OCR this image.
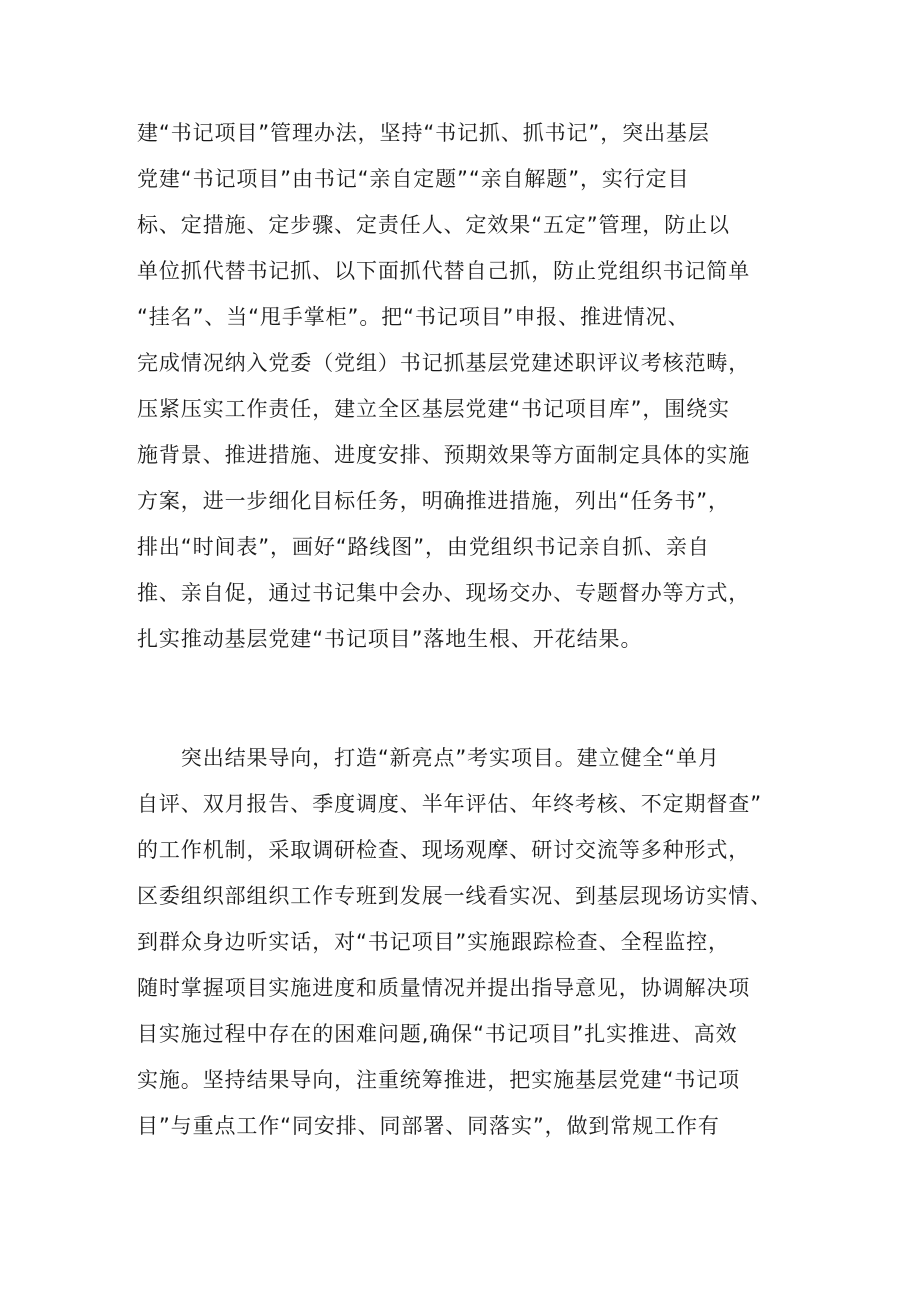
建“书记项目”管理办法，坚持“书记抓、抓书记”，突出基层
党建“书记项目”由书记“亲自定题”“亲自解题”，实行定目
标、定措施、定步骤、定责任人、定效果“五定”管理，防止以
单位抓代替书记抓、以下面抓代替自己抓，防止党组织书记简单
“挂名”、当“甩手掌柜”。把“书记项目”申报、推进情况、
完成情况纳入党委（党组）书记抓基层党建述职评议考核范畴，
压紧压实工作责任，建立全区基层党建“书记项目库”，围绕实
施背景、推进措施、进度安排、预期效果等方面制定具体的实施
方案，进一步细化目标任务，明确推进措施，列出“任务书”，
排出“时间表”，画好“路线图”，由党组织书记亲自抓、亲自
推、亲自促，通过书记集中会办、现场交办、专题督办等方式，
扎实推动基层党建“书记项目”落地生根、开花结果。
　　突出结果导向，打造“新亮点”考实项目。建立健全“单月
自评、双月报告、季度调度、半年评估、年终考核、不定期督查”
的工作机制，采取调研检查、现场观摩、研讨交流等多种形式，
区委组织部组织工作专班到发展一线看实况、到基层现场访实情、
到群众身边听实话，对“书记项目”实施跟踪检查、全程监控，
随时掌握项目实施进度和质量情况并提出指导意见，协调解决项
目实施过程中存在的困难问题,确保“书记项目”扎实推进、高效
实施。坚持结果导向，注重统筹推进，把实施基层党建“书记项
目”与重点工作“同安排、同部署、同落实”，做到常规工作有
